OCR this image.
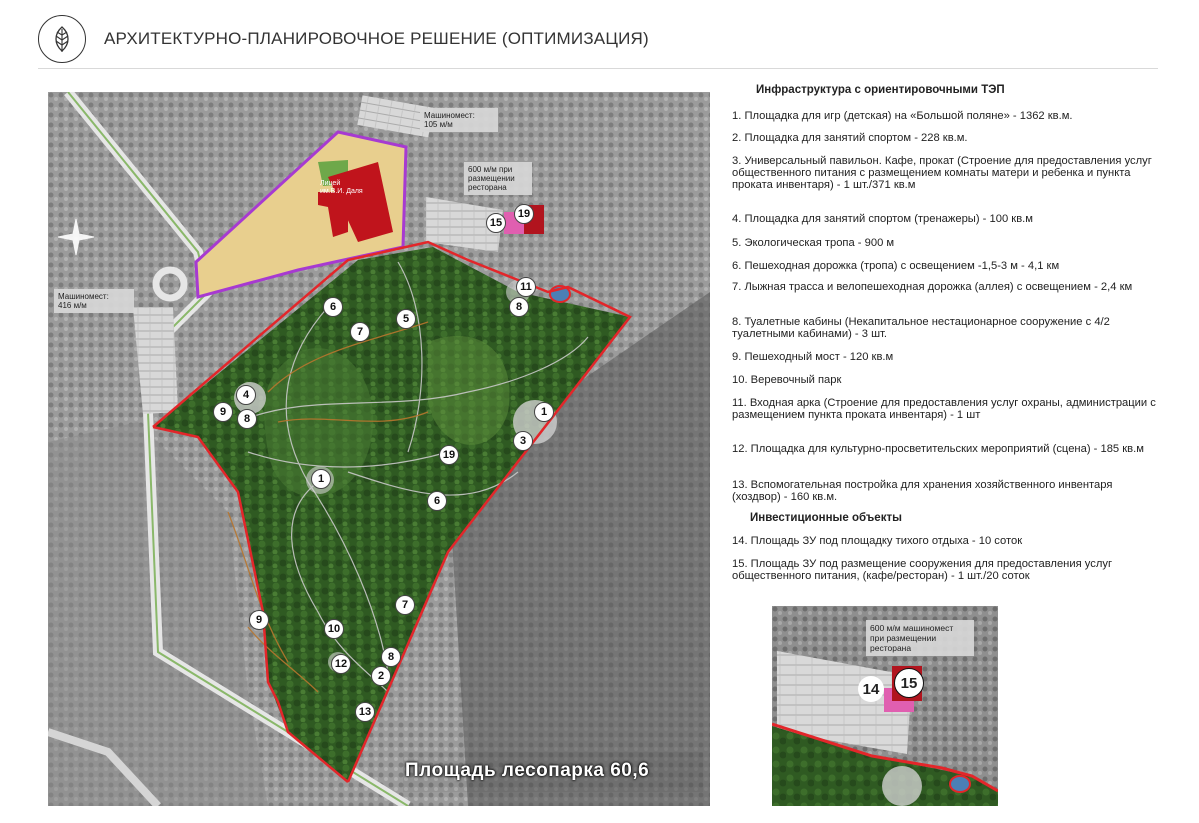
АРХИТЕКТУРНО-ПЛАНИРОВОЧНОЕ РЕШЕНИЕ (ОПТИМИЗАЦИЯ)
Машиномест:
105 м/м
Машиномест:
416 м/м
600 м/м при
размещении
ресторана
Лицей
им.В.И. Даля
15
19
11
8
6
5
7
4
9
8
1
3
19
1
6
7
9
10
8
12
2
13
Площадь лесопарка 60,6
Инфраструктура с ориентировочными ТЭП
1. Площадка для игр (детская) на «Большой поляне» - 1362 кв.м.
2. Площадка для занятий спортом - 228 кв.м.
3. Универсальный павильон. Кафе, прокат (Строение для предоставления услуг общественного питания с размещением комнаты матери и ребенка и пункта проката инвентаря) - 1 шт./371 кв.м
4. Площадка для занятий спортом (тренажеры) - 100 кв.м
5. Экологическая тропа - 900 м
6. Пешеходная дорожка (тропа) с освещением -1,5-3 м - 4,1 км
7. Лыжная трасса и велопешеходная дорожка (аллея) с освещением - 2,4 км
8. Туалетные кабины (Некапитальное нестационарное сооружение с 4/2 туалетными кабинами) - 3 шт.
9. Пешеходный мост - 120 кв.м
10. Веревочный парк
11. Входная арка (Строение для предоставления услуг охраны, администрации с размещением пункта проката инвентаря) - 1 шт
12. Площадка для культурно-просветительских мероприятий (сцена) - 185 кв.м
13. Вспомогательная постройка для хранения хозяйственного инвентаря (хоздвор) - 160 кв.м.
Инвестиционные объекты
14. Площадь ЗУ под площадку тихого отдыха - 10 соток
15. Площадь ЗУ под размещение сооружения для предоставления услуг общественного питания, (кафе/ресторан) - 1 шт./20 соток
600 м/м машиномест
при размещении
ресторана
14	15
